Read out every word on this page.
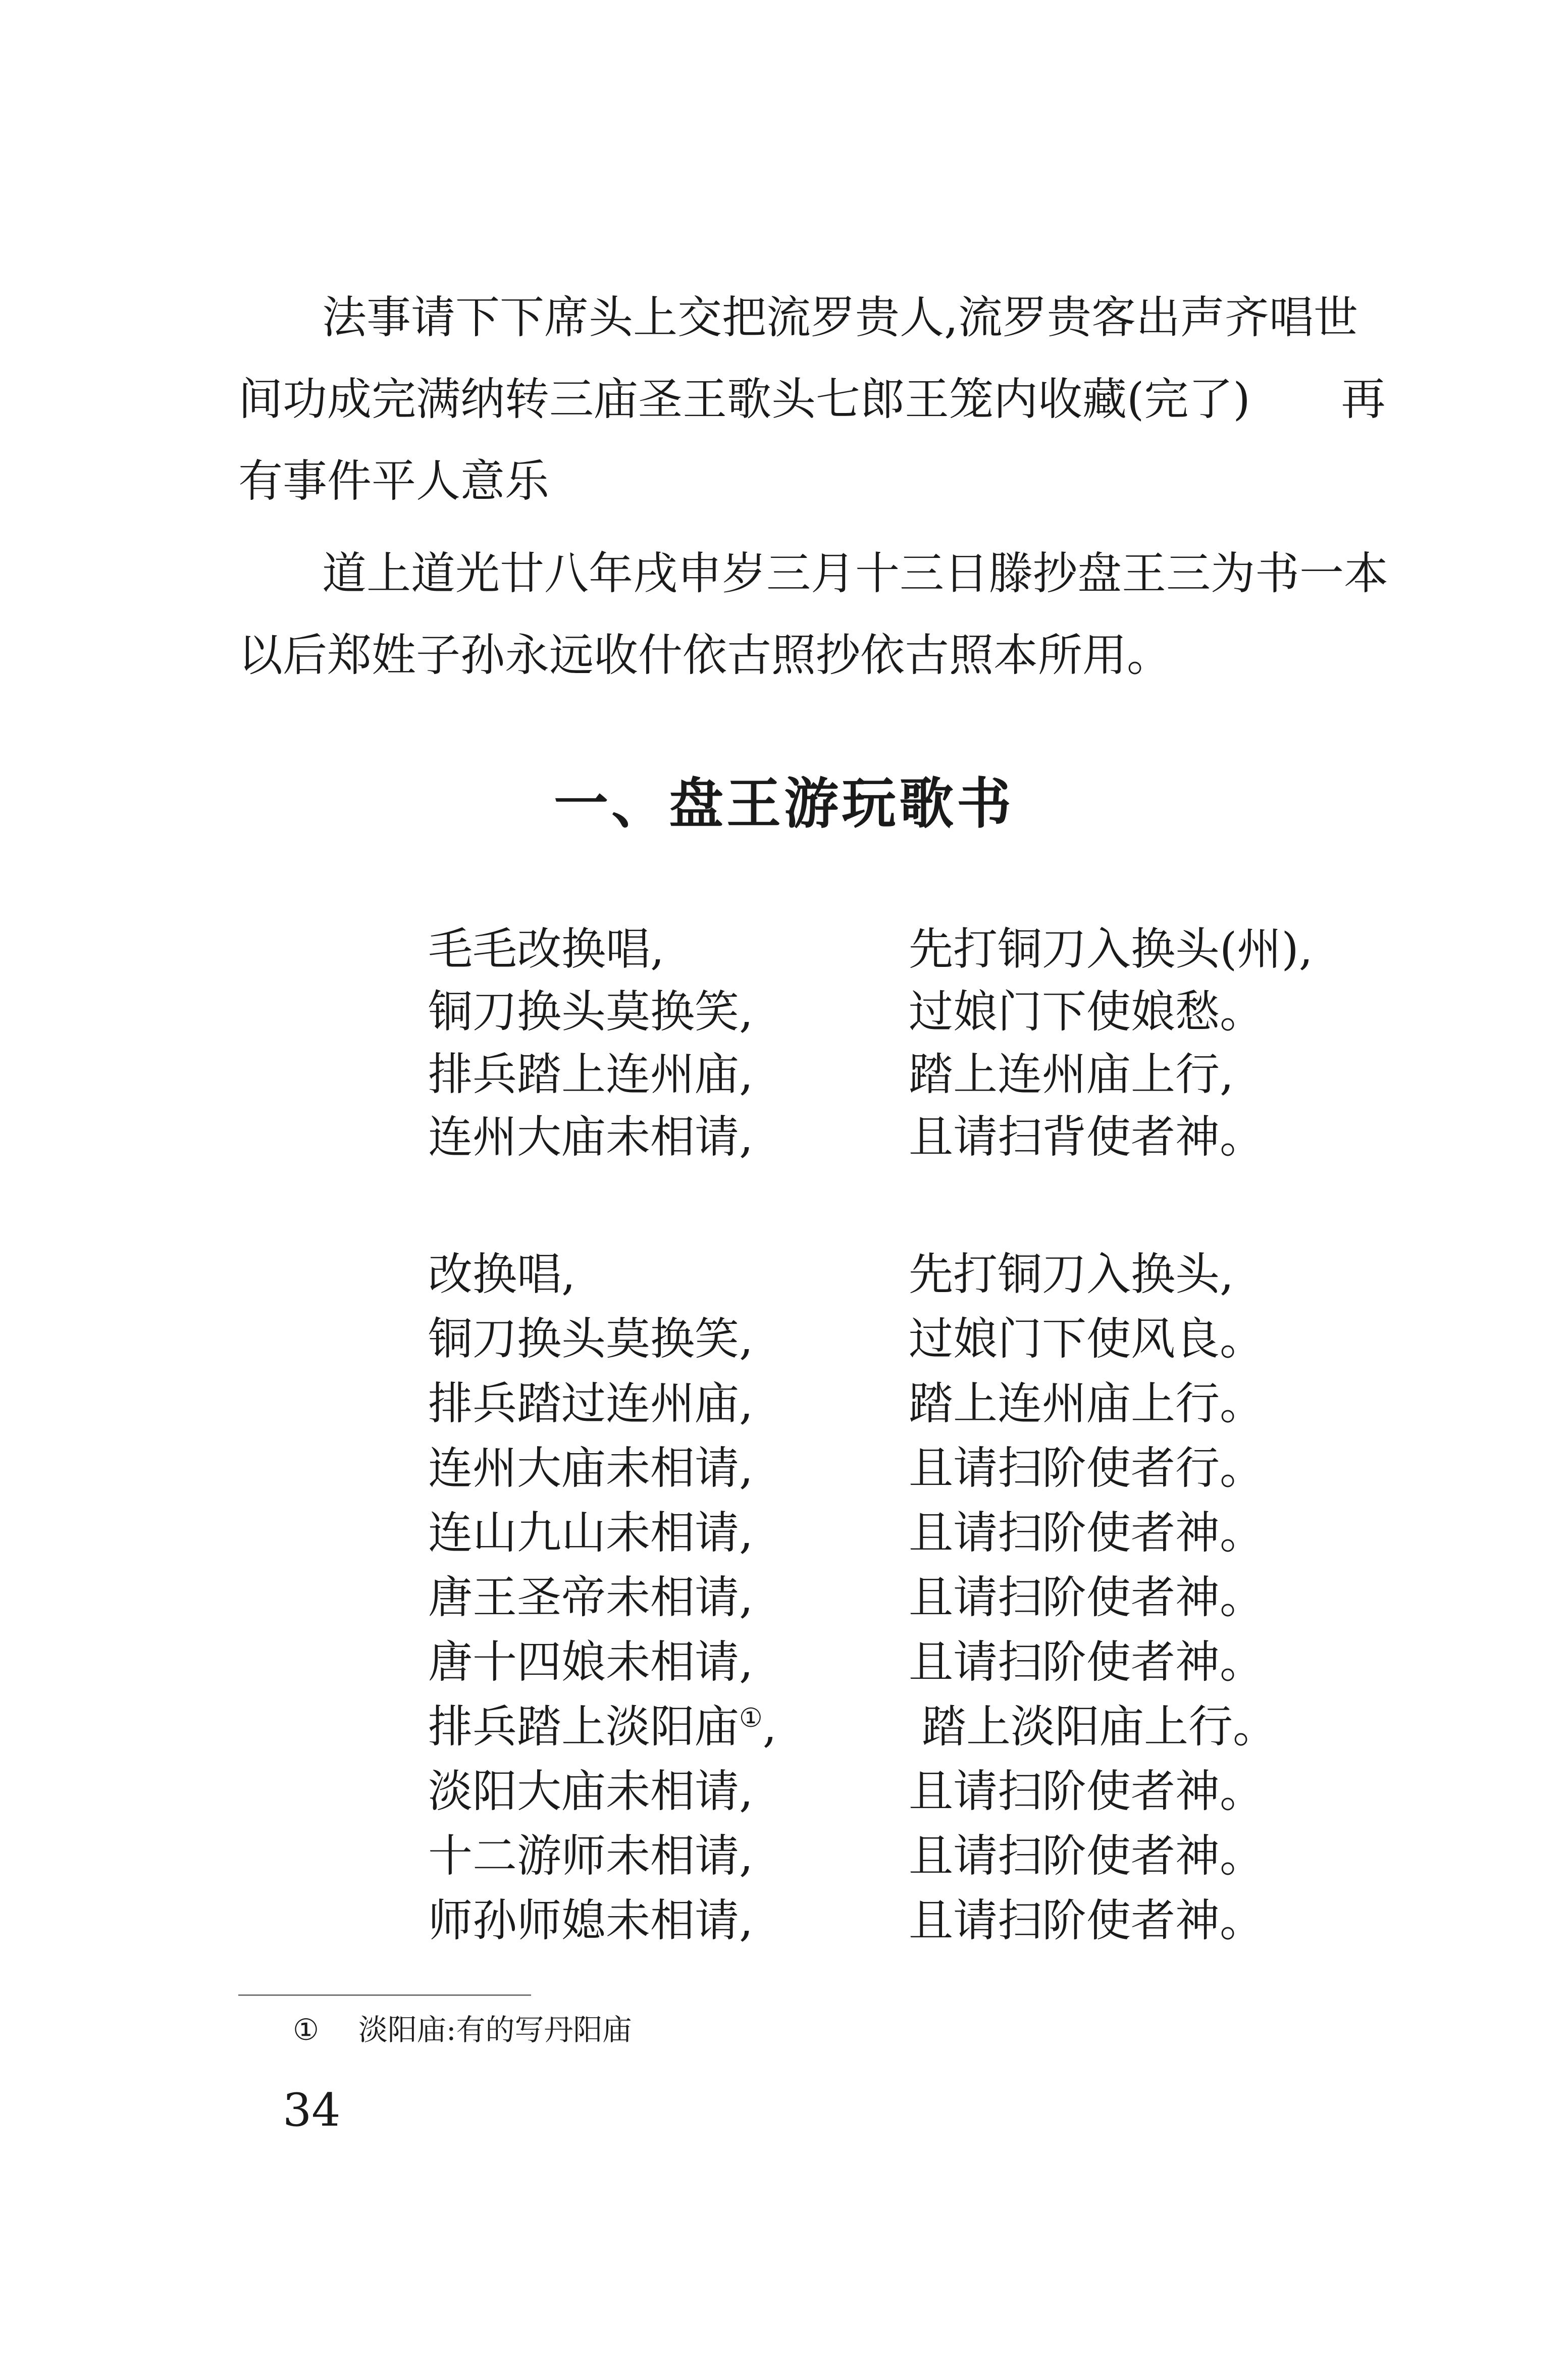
法事请下下席头上交把流罗贵人,流罗贵客出声齐唱世间功成完满纳转三庙圣王歌头七郎王笼内收藏(完了) 再有事件平人意乐

道上道光廿八年戌申岁三月十三日滕抄盘王三为书一本以后郑姓子孙永远收什依古照抄依古照本所用。

一、盘王游玩歌书
毛毛改换唱,	先打铜刀入换头(州),
铜刀换头莫换笑,	过娘门下使娘愁。
排兵踏上连州庙,	踏上连州庙上行,
连州大庙未相请,	且请扫背使者神。
改换唱,	先打铜刀入换头,
铜刀换头莫换笑,	过娘门下使风良。
排兵踏过连州庙,	踏上连州庙上行。
连州大庙未相请,	且请扫阶使者行。
连山九山未相请,	且请扫阶使者神。
唐王圣帝未相请,	且请扫阶使者神。
唐十四娘未相请,	且请扫阶使者神。
排兵踏上淡阳庙①,	踏上淡阳庙上行。
淡阳大庙未相请,	且请扫阶使者神。
十二游师未相请,	且请扫阶使者神。
师孙师媳未相请,	且请扫阶使者神。
① 淡阳庙:有的写丹阳庙
34
